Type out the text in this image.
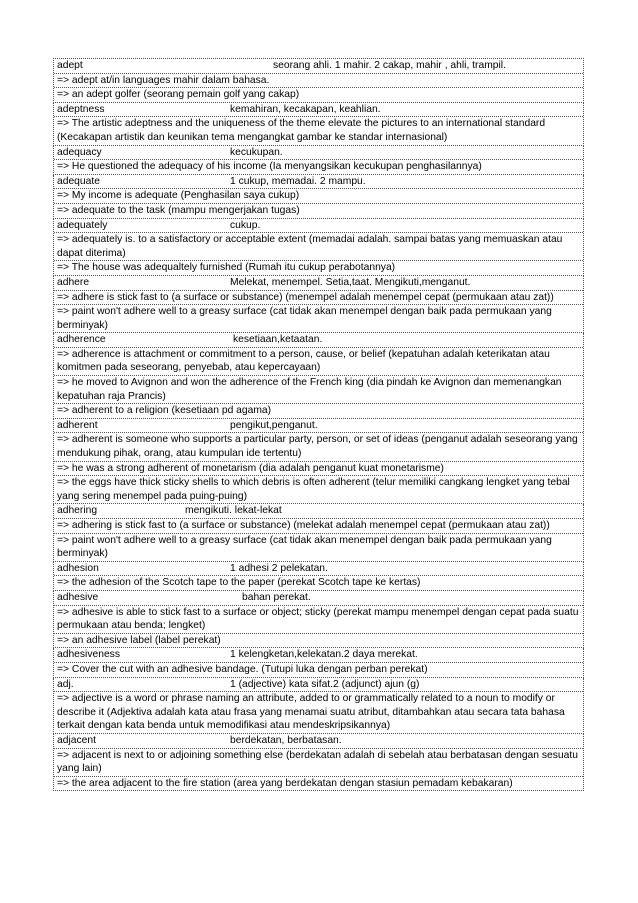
adept	seorang ahli. 1 mahir. 2 cakap, mahir , ahli, trampil.
=> adept at/in languages mahir dalam bahasa.
=> an adept golfer (seorang pemain golf yang cakap)
adeptness	kemahiran, kecakapan, keahlian.
=> The artistic adeptness and the uniqueness of the theme elevate the pictures to an international standard (Kecakapan artistik dan keunikan tema mengangkat gambar ke standar internasional)
adequacy	kecukupan.
=> He questioned the adequacy of his income (Ia menyangsikan kecukupan penghasilannya)
adequate	1 cukup, memadai. 2 mampu.
=> My income is adequate (Penghasilan saya cukup)
=> adequate to the task (mampu mengerjakan tugas)
adequately	cukup.
=> adequately is. to a satisfactory or acceptable extent (memadai adalah. sampai batas yang memuaskan atau dapat diterima)
=> The house was adequaltely furnished (Rumah itu cukup perabotannya)
adhere	Melekat, menempel. Setia,taat. Mengikuti,menganut.
=> adhere is stick fast to (a surface or substance) (menempel adalah menempel cepat (permukaan atau zat))
=> paint won't adhere well to a greasy surface (cat tidak akan menempel dengan baik pada permukaan yang berminyak)
adherence	kesetiaan,ketaatan.
=> adherence is attachment or commitment to a person, cause, or belief (kepatuhan adalah keterikatan atau komitmen pada seseorang, penyebab, atau kepercayaan)
=> he moved to Avignon and won the adherence of the French king (dia pindah ke Avignon dan memenangkan kepatuhan raja Prancis)
=> adherent to a religion (kesetiaan pd agama)
adherent	pengikut,penganut.
=> adherent is someone who supports a particular party, person, or set of ideas (penganut adalah seseorang yang mendukung pihak, orang, atau kumpulan ide tertentu)
=> he was a strong adherent of monetarism (dia adalah penganut kuat monetarisme)
=> the eggs have thick sticky shells to which debris is often adherent (telur memiliki cangkang lengket yang tebal yang sering menempel pada puing-puing)
adhering	mengikuti. lekat-lekat
=> adhering is stick fast to (a surface or substance) (melekat adalah menempel cepat (permukaan atau zat))
=> paint won't adhere well to a greasy surface (cat tidak akan menempel dengan baik pada permukaan yang berminyak)
adhesion	1 adhesi 2 pelekatan.
=> the adhesion of the Scotch tape to the paper (perekat Scotch tape ke kertas)
adhesive	bahan perekat.
=> adhesive is able to stick fast to a surface or object; sticky (perekat mampu menempel dengan cepat pada suatu permukaan atau benda; lengket)
=> an adhesive label (label perekat)
adhesiveness	1 kelengketan,kelekatan.2 daya merekat.
=> Cover the cut with an adhesive bandage. (Tutupi luka dengan perban perekat)
adj.	1 (adjective) kata sifat.2 (adjunct) ajun (g)
=> adjective is a word or phrase naming an attribute, added to or grammatically related to a noun to modify or describe it (Adjektiva adalah kata atau frasa yang menamai suatu atribut, ditambahkan atau secara tata bahasa terkait dengan kata benda untuk memodifikasi atau mendeskripsikannya)
adjacent	berdekatan, berbatasan.
=> adjacent is next to or adjoining something else (berdekatan adalah di sebelah atau berbatasan dengan sesuatu yang lain)
=> the area adjacent to the fire station (area yang berdekatan dengan stasiun pemadam kebakaran)
